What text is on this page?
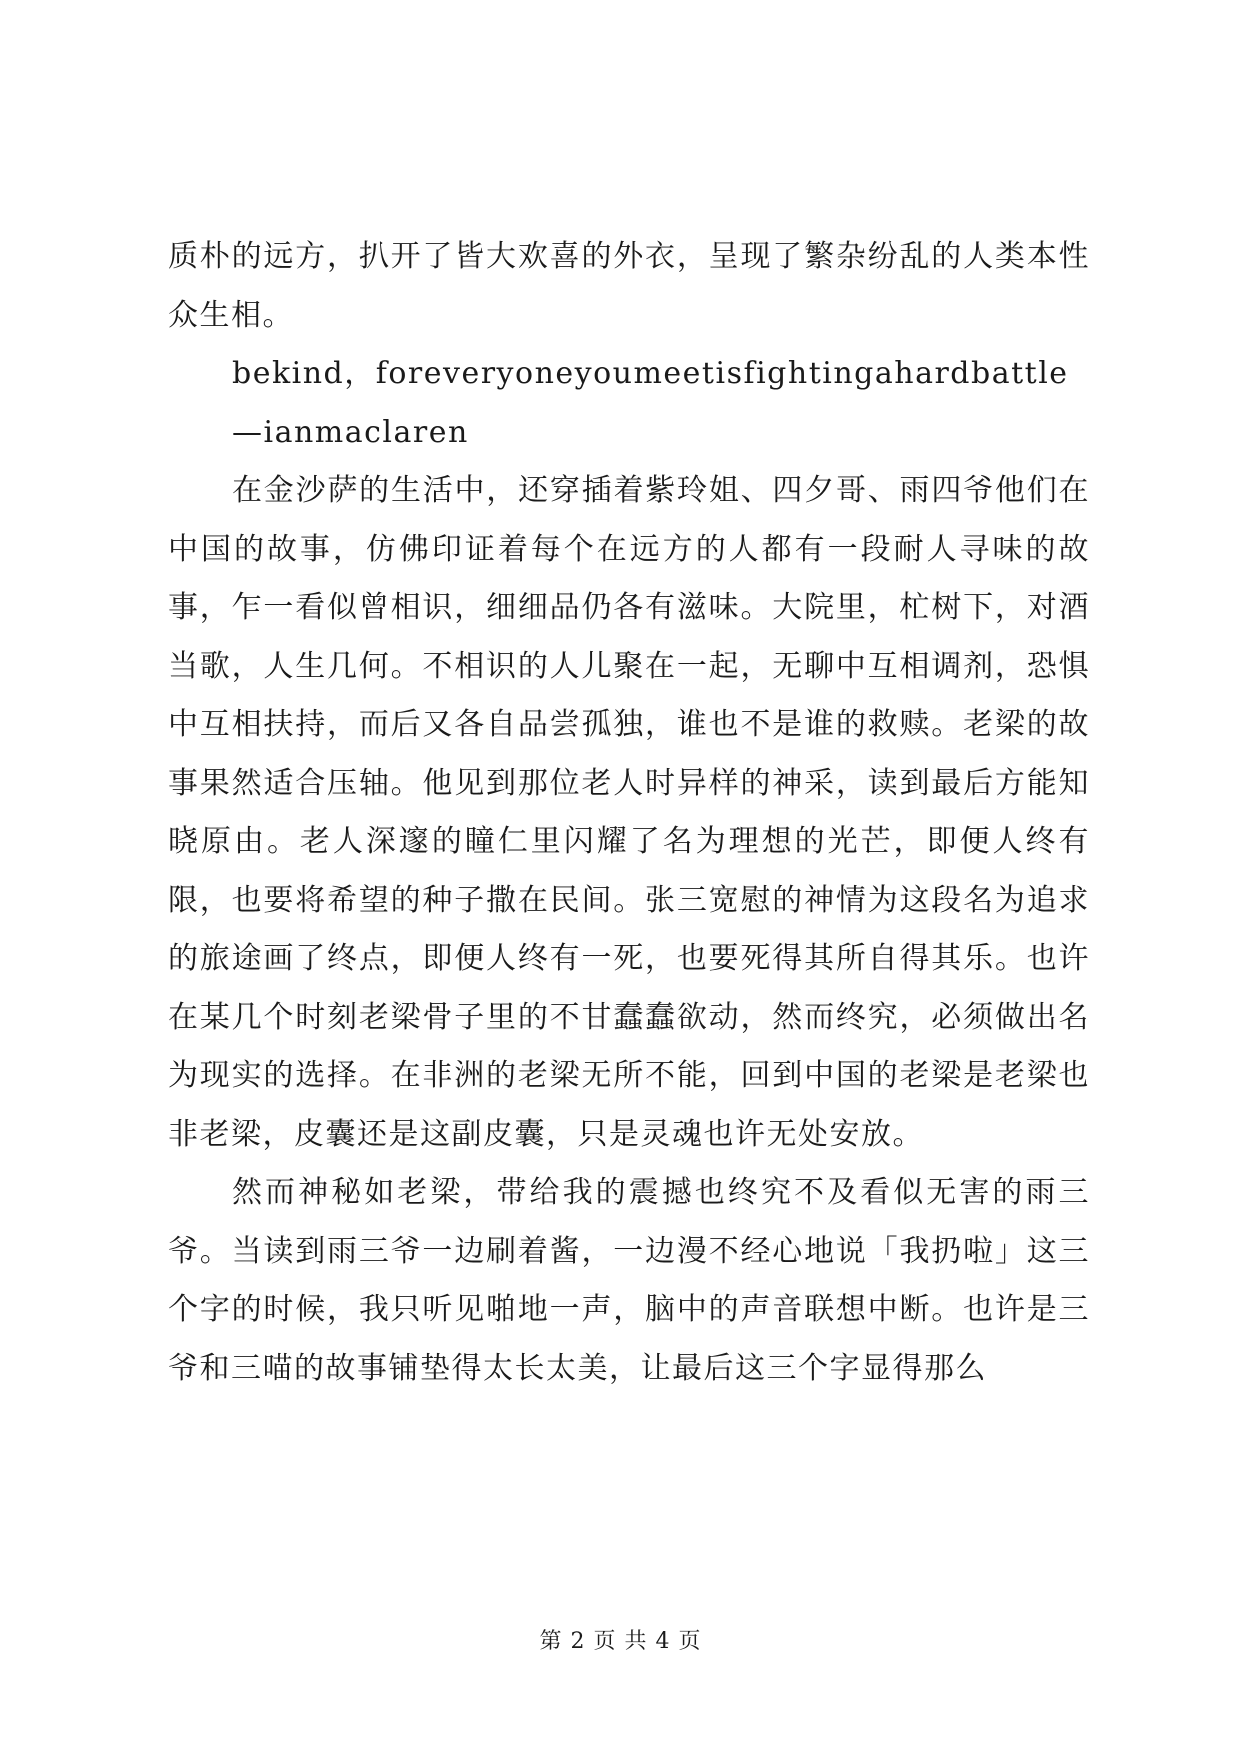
质朴的远方，扒开了皆大欢喜的外衣，呈现了繁杂纷乱的人类本性众生相。

bekind，foreveryoneyoumeetisfightingahardbattle

—ianmaclaren

在金沙萨的生活中，还穿插着紫玲姐、四夕哥、雨四爷他们在中国的故事，仿佛印证着每个在远方的人都有一段耐人寻味的故事，乍一看似曾相识，细细品仍各有滋味。大院里，杧树下，对酒当歌，人生几何。不相识的人儿聚在一起，无聊中互相调剂，恐惧中互相扶持，而后又各自品尝孤独，谁也不是谁的救赎。老梁的故事果然适合压轴。他见到那位老人时异样的神采，读到最后方能知晓原由。老人深邃的瞳仁里闪耀了名为理想的光芒，即便人终有限，也要将希望的种子撒在民间。张三宽慰的神情为这段名为追求的旅途画了终点，即便人终有一死，也要死得其所自得其乐。也许在某几个时刻老梁骨子里的不甘蠢蠢欲动，然而终究，必须做出名为现实的选择。在非洲的老梁无所不能，回到中国的老梁是老梁也非老梁，皮囊还是这副皮囊，只是灵魂也许无处安放。

然而神秘如老梁，带给我的震撼也终究不及看似无害的雨三爷。当读到雨三爷一边刷着酱，一边漫不经心地说「我扔啦」这三个字的时候，我只听见啪地一声，脑中的声音联想中断。也许是三爷和三喵的故事铺垫得太长太美，让最后这三个字显得那么

第 2 页 共 4 页
